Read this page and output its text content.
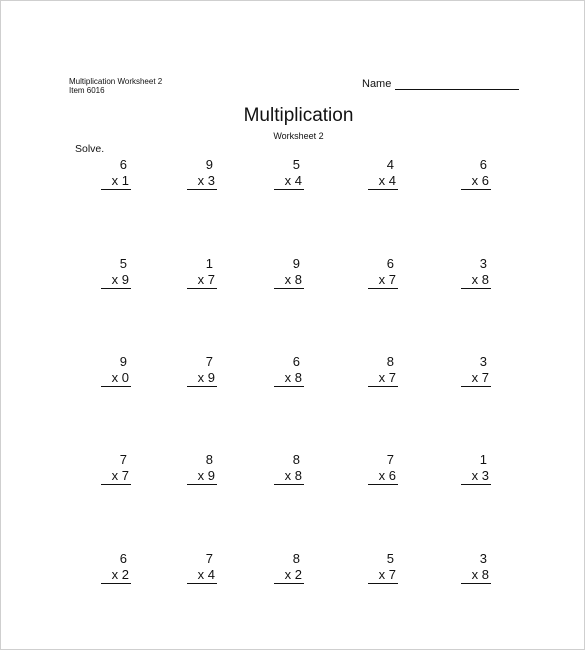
Multiplication Worksheet 2
Item 6016
Name
Multiplication
Worksheet 2
Solve.
6
x 1
9
x 3
5
x 4
4
x 4
6
x 6
5
x 9
1
x 7
9
x 8
6
x 7
3
x 8
9
x 0
7
x 9
6
x 8
8
x 7
3
x 7
7
x 7
8
x 9
8
x 8
7
x 6
1
x 3
6
x 2
7
x 4
8
x 2
5
x 7
3
x 8
